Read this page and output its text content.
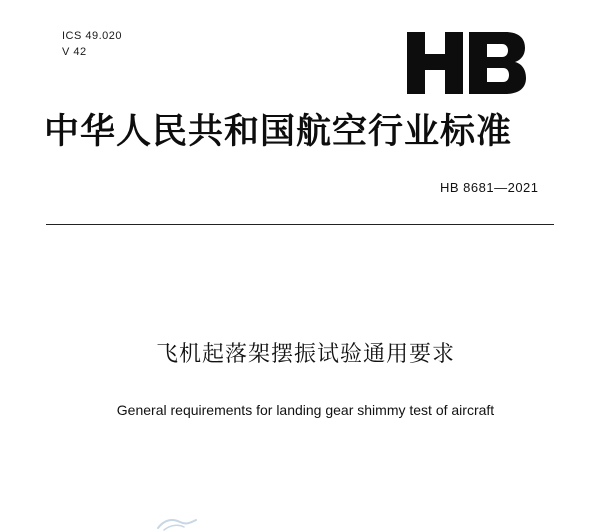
ICS 49.020
V 42
中华人民共和国航空行业标准
HB 8681—2021
飞机起落架摆振试验通用要求
General requirements for landing gear shimmy test of aircraft
